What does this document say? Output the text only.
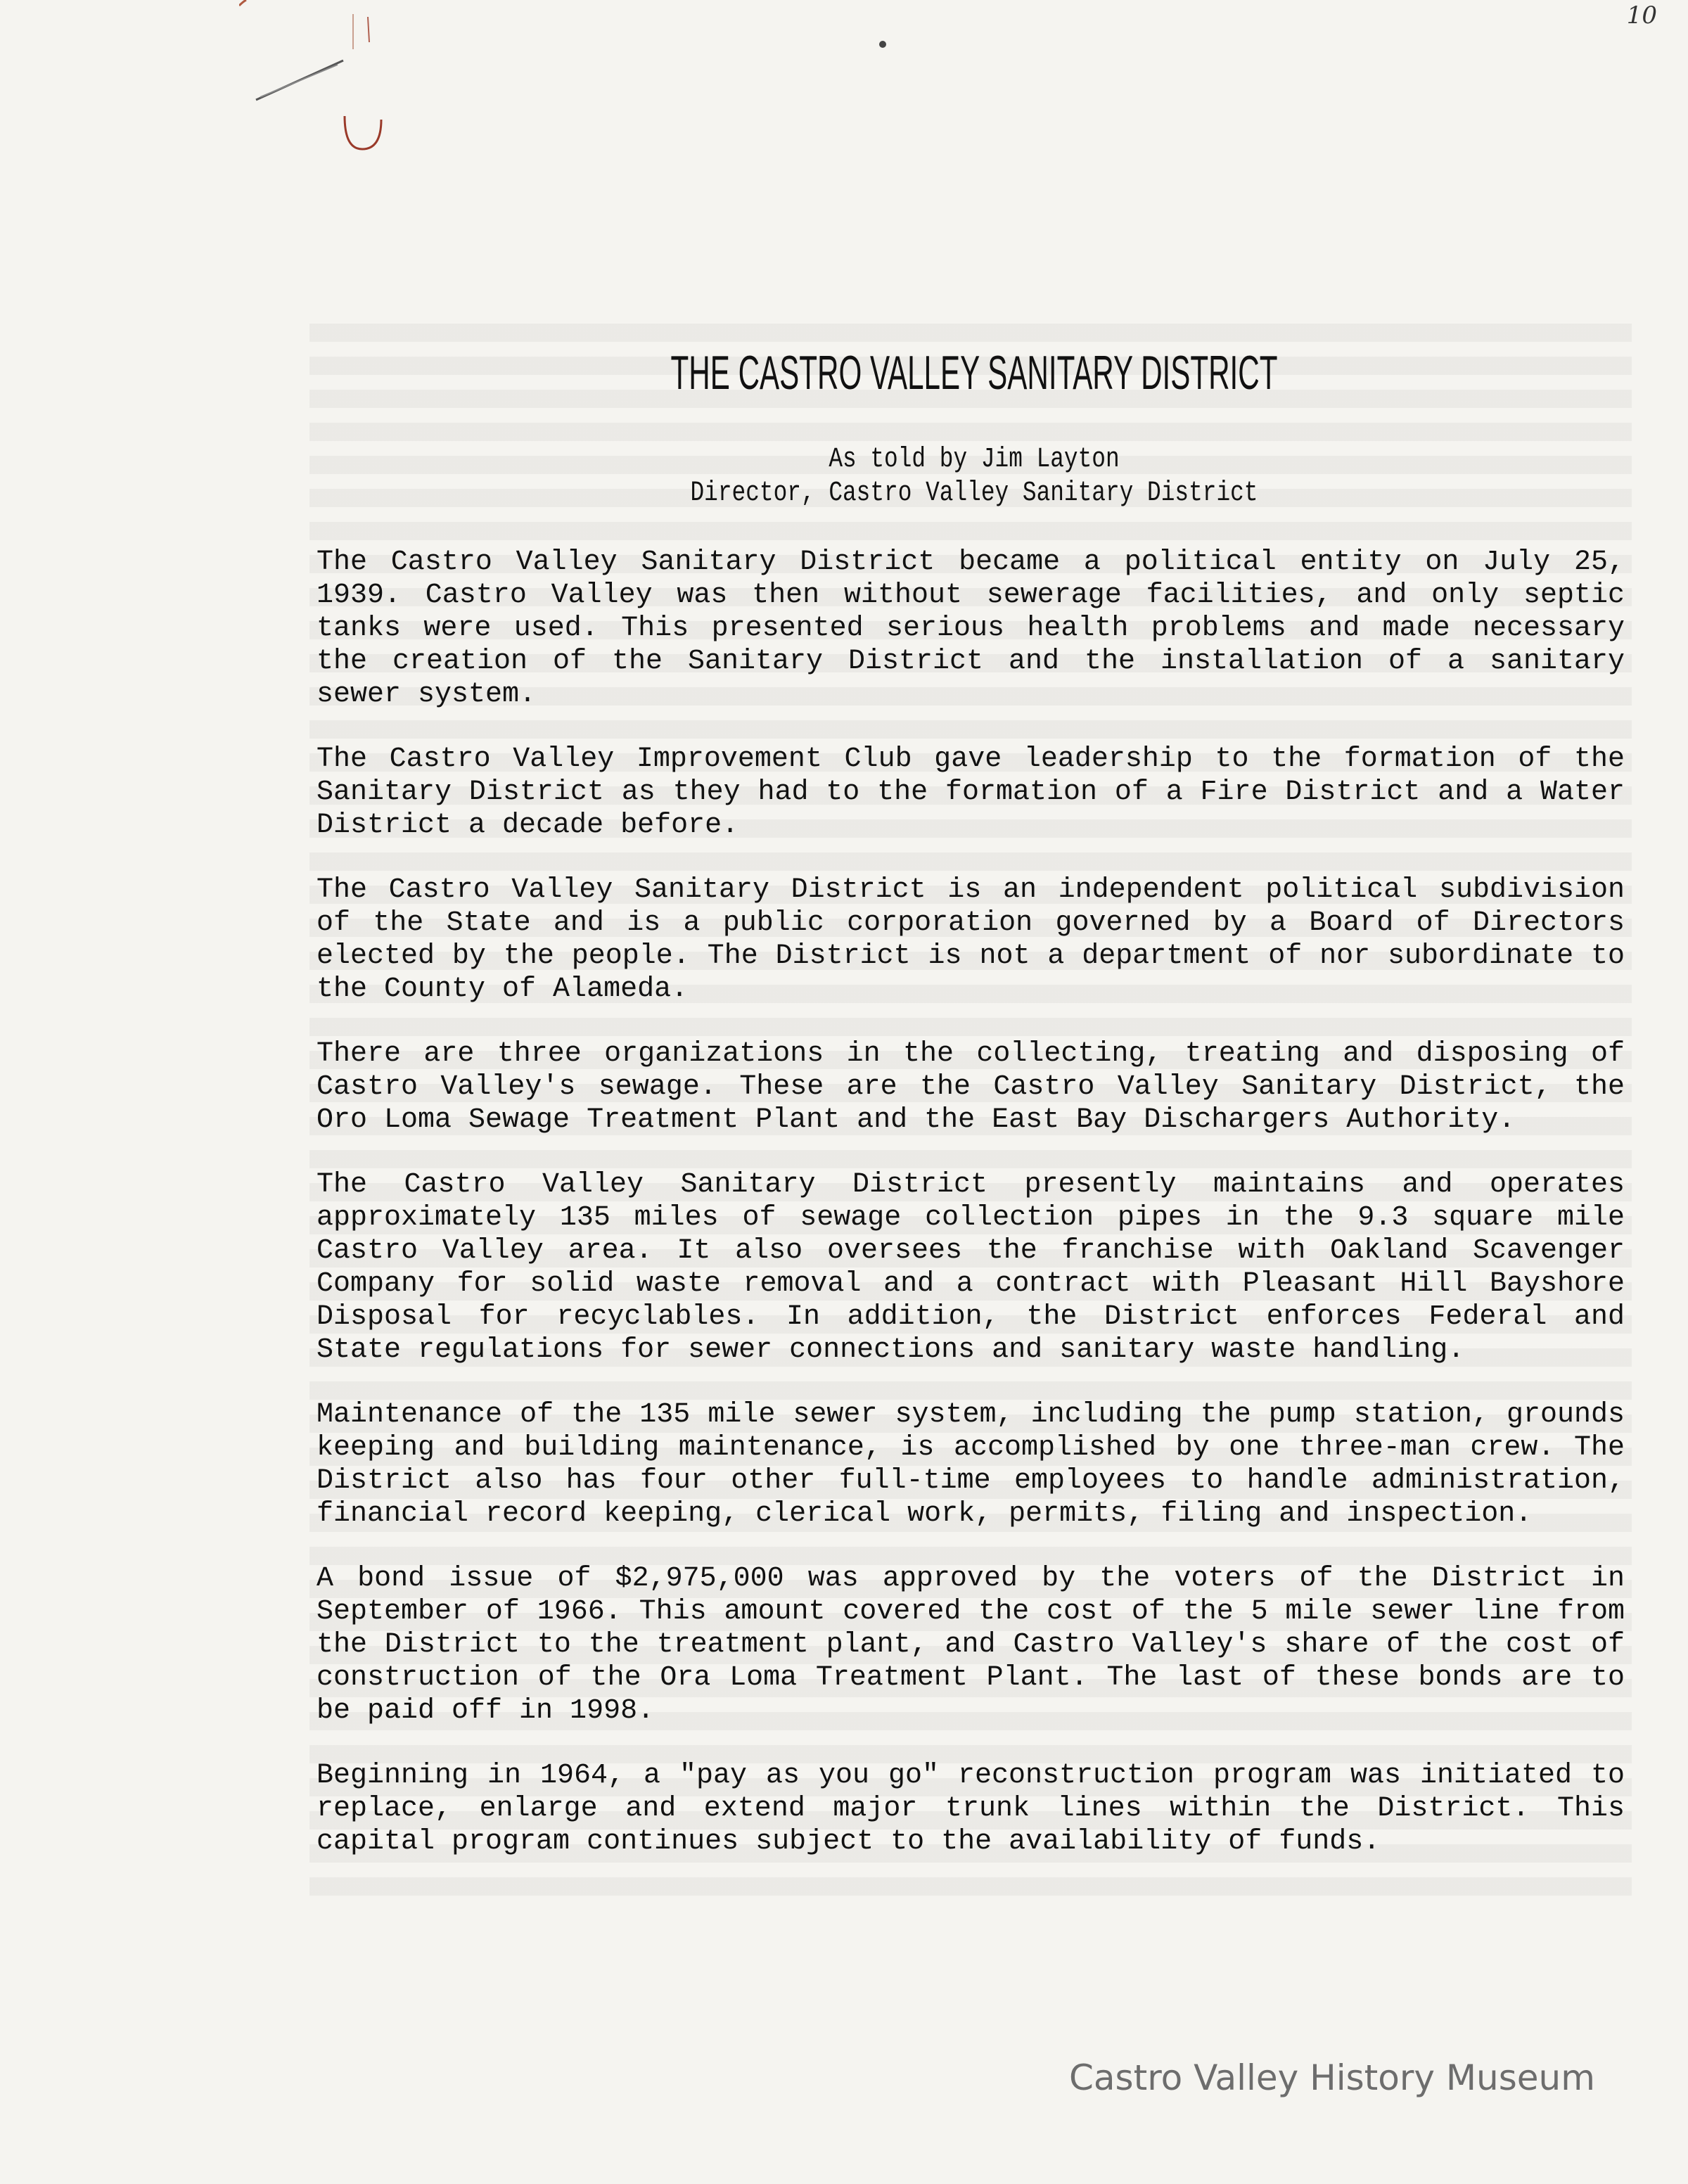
10
THE CASTRO VALLEY SANITARY DISTRICT
As told by Jim Layton
Director, Castro Valley Sanitary District

The Castro Valley Sanitary District became a political entity on July 25, 1939. Castro Valley was then without sewerage facilities, and only septic tanks were used. This presented serious health problems and made necessary the creation of the Sanitary District and the installation of a sanitary sewer system.

The Castro Valley Improvement Club gave leadership to the formation of the Sanitary District as they had to the formation of a Fire District and a Water District a decade before.

The Castro Valley Sanitary District is an independent political subdivision of the State and is a public corporation governed by a Board of Directors elected by the people. The District is not a department of nor subordinate to the County of Alameda.

There are three organizations in the collecting, treating and disposing of Castro Valley's sewage. These are the Castro Valley Sanitary District, the Oro Loma Sewage Treatment Plant and the East Bay Dischargers Authority.

The Castro Valley Sanitary District presently maintains and operates approximately 135 miles of sewage collection pipes in the 9.3 square mile Castro Valley area. It also oversees the franchise with Oakland Scavenger Company for solid waste removal and a contract with Pleasant Hill Bayshore Disposal for recyclables. In addition, the District enforces Federal and State regulations for sewer connections and sanitary waste handling.

Maintenance of the 135 mile sewer system, including the pump station, grounds keeping and building maintenance, is accomplished by one three-man crew. The District also has four other full-time employees to handle administration, financial record keeping, clerical work, permits, filing and inspection.

A bond issue of $2,975,000 was approved by the voters of the District in September of 1966. This amount covered the cost of the 5 mile sewer line from the District to the treatment plant, and Castro Valley's share of the cost of construction of the Ora Loma Treatment Plant. The last of these bonds are to be paid off in 1998.

Beginning in 1964, a "pay as you go" reconstruction program was initiated to replace, enlarge and extend major trunk lines within the District. This capital program continues subject to the availability of funds.

Castro Valley History Museum
